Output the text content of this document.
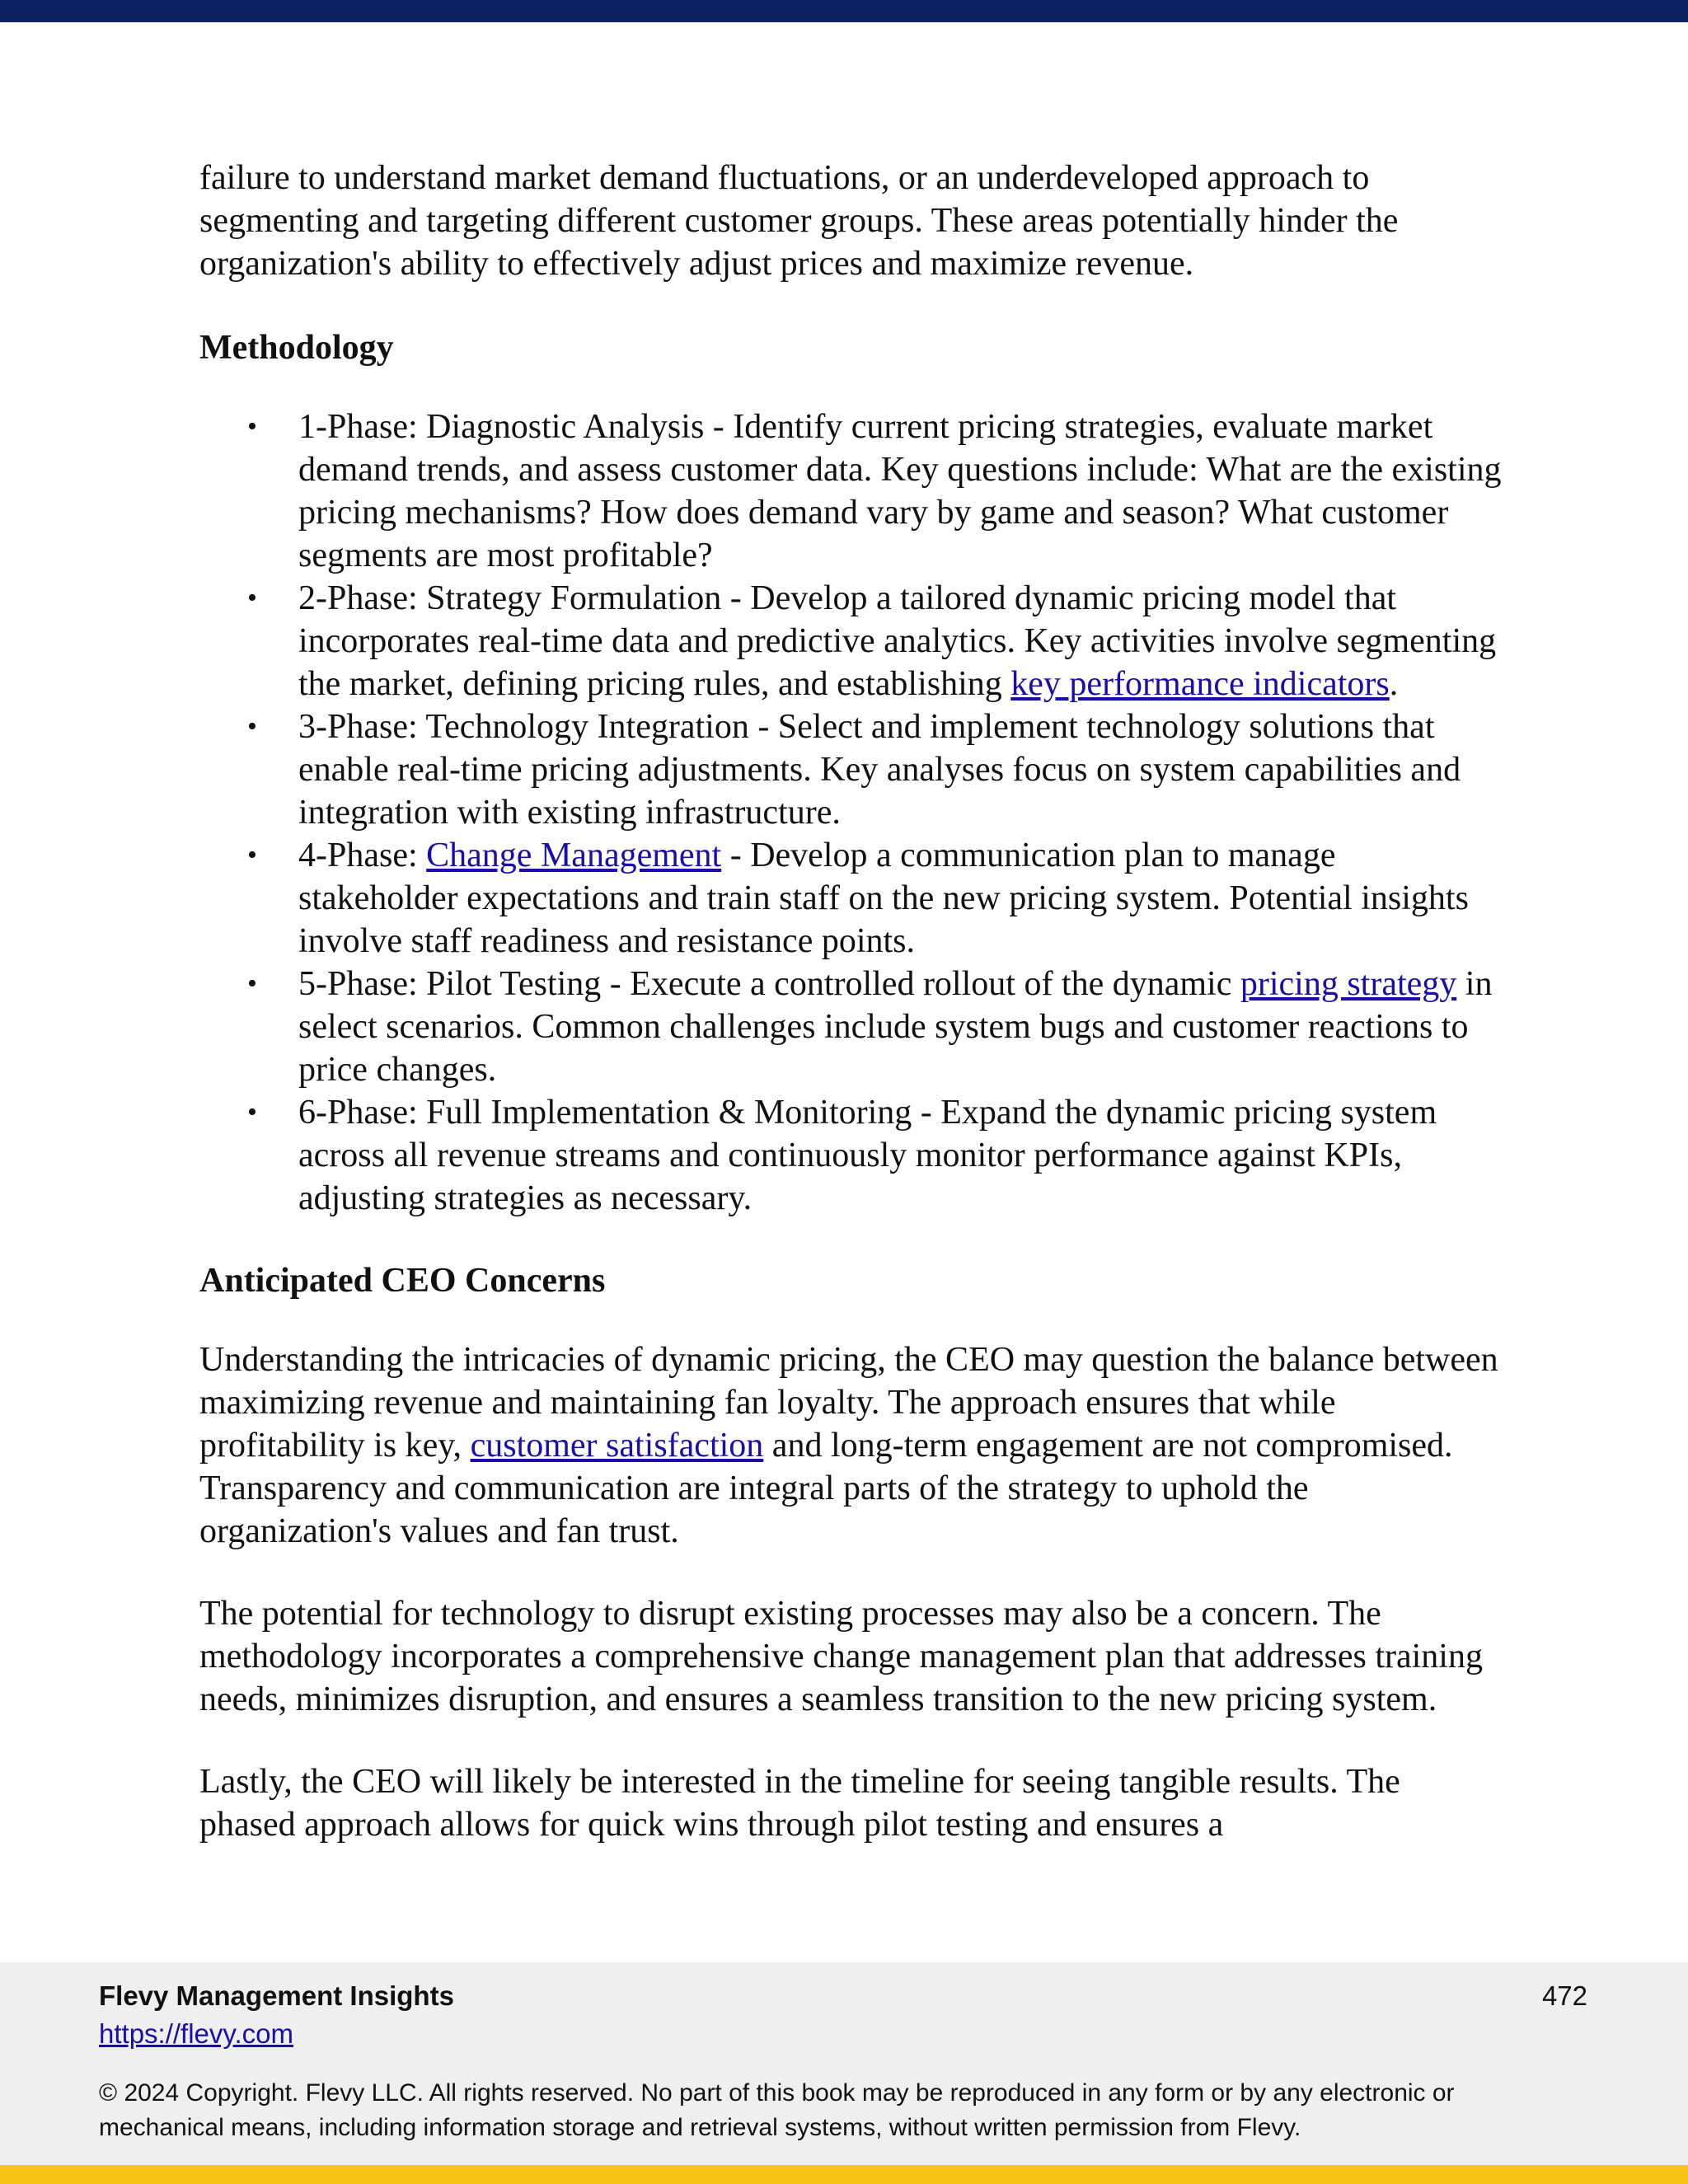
failure to understand market demand fluctuations, or an underdeveloped approach to segmenting and targeting different customer groups. These areas potentially hinder the organization's ability to effectively adjust prices and maximize revenue.

Methodology
• 1-Phase: Diagnostic Analysis - Identify current pricing strategies, evaluate market demand trends, and assess customer data. Key questions include: What are the existing pricing mechanisms? How does demand vary by game and season? What customer segments are most profitable?
• 2-Phase: Strategy Formulation - Develop a tailored dynamic pricing model that incorporates real-time data and predictive analytics. Key activities involve segmenting the market, defining pricing rules, and establishing key performance indicators.
• 3-Phase: Technology Integration - Select and implement technology solutions that enable real-time pricing adjustments. Key analyses focus on system capabilities and integration with existing infrastructure.
• 4-Phase: Change Management - Develop a communication plan to manage stakeholder expectations and train staff on the new pricing system. Potential insights involve staff readiness and resistance points.
• 5-Phase: Pilot Testing - Execute a controlled rollout of the dynamic pricing strategy in select scenarios. Common challenges include system bugs and customer reactions to price changes.
• 6-Phase: Full Implementation & Monitoring - Expand the dynamic pricing system across all revenue streams and continuously monitor performance against KPIs, adjusting strategies as necessary.
Anticipated CEO Concerns

Understanding the intricacies of dynamic pricing, the CEO may question the balance between maximizing revenue and maintaining fan loyalty. The approach ensures that while profitability is key, customer satisfaction and long-term engagement are not compromised. Transparency and communication are integral parts of the strategy to uphold the organization's values and fan trust.

The potential for technology to disrupt existing processes may also be a concern. The methodology incorporates a comprehensive change management plan that addresses training needs, minimizes disruption, and ensures a seamless transition to the new pricing system.

Lastly, the CEO will likely be interested in the timeline for seeing tangible results. The phased approach allows for quick wins through pilot testing and ensures a

Flevy Management Insights
https://flevy.com
472
© 2024 Copyright. Flevy LLC. All rights reserved. No part of this book may be reproduced in any form or by any electronic or mechanical means, including information storage and retrieval systems, without written permission from Flevy.
